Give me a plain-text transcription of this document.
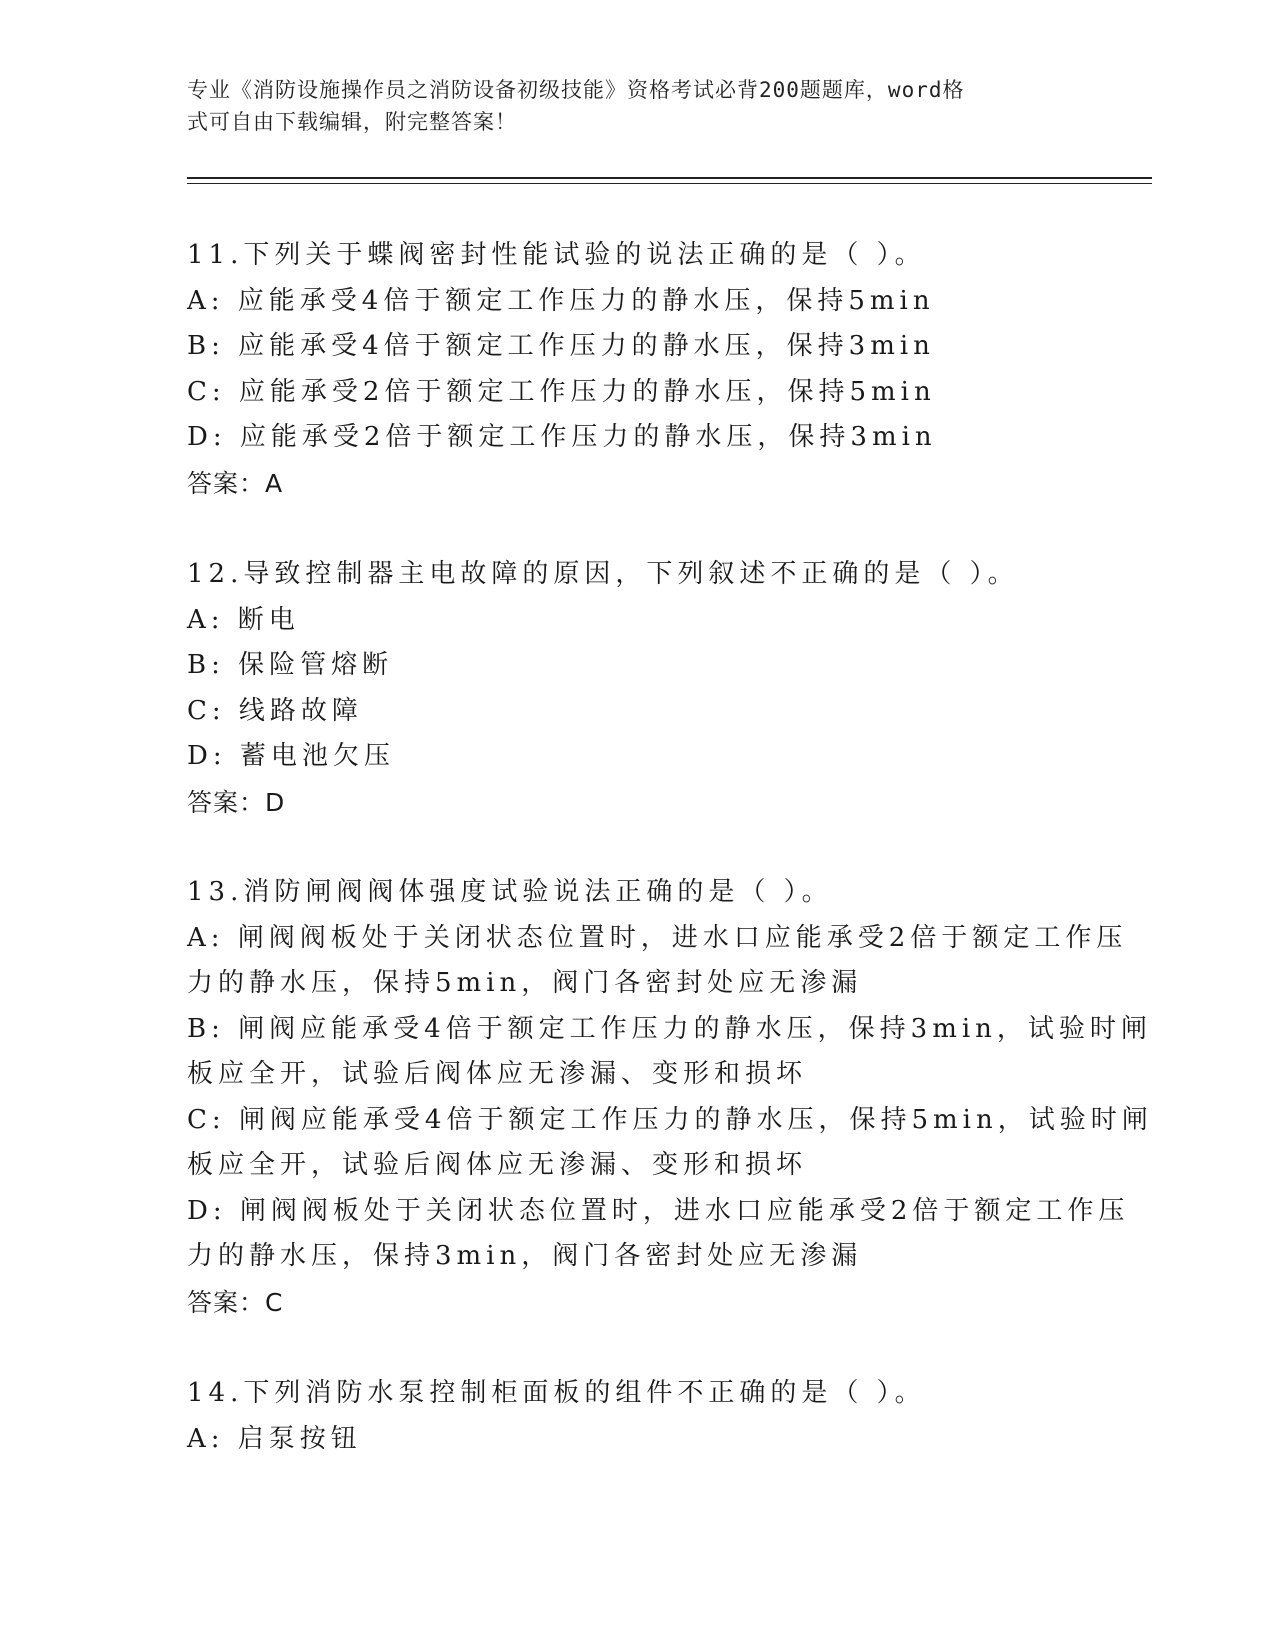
专业《消防设施操作员之消防设备初级技能》资格考试必背200题题库，word格
式可自由下载编辑，附完整答案！
11.下列关于蝶阀密封性能试验的说法正确的是（ ）。
A: 应能承受4倍于额定工作压力的静水压，保持5min
B: 应能承受4倍于额定工作压力的静水压，保持3min
C: 应能承受2倍于额定工作压力的静水压，保持5min
D: 应能承受2倍于额定工作压力的静水压，保持3min
答案：A
12.导致控制器主电故障的原因，下列叙述不正确的是（ ）。
A: 断电
B: 保险管熔断
C: 线路故障
D: 蓄电池欠压
答案：D
13.消防闸阀阀体强度试验说法正确的是（ ）。
A: 闸阀阀板处于关闭状态位置时，进水口应能承受2倍于额定工作压
力的静水压，保持5min，阀门各密封处应无渗漏
B: 闸阀应能承受4倍于额定工作压力的静水压，保持3min，试验时闸
板应全开，试验后阀体应无渗漏、变形和损坏
C: 闸阀应能承受4倍于额定工作压力的静水压，保持5min，试验时闸
板应全开，试验后阀体应无渗漏、变形和损坏
D: 闸阀阀板处于关闭状态位置时，进水口应能承受2倍于额定工作压
力的静水压，保持3min，阀门各密封处应无渗漏
答案：C
14.下列消防水泵控制柜面板的组件不正确的是（ ）。
A: 启泵按钮
